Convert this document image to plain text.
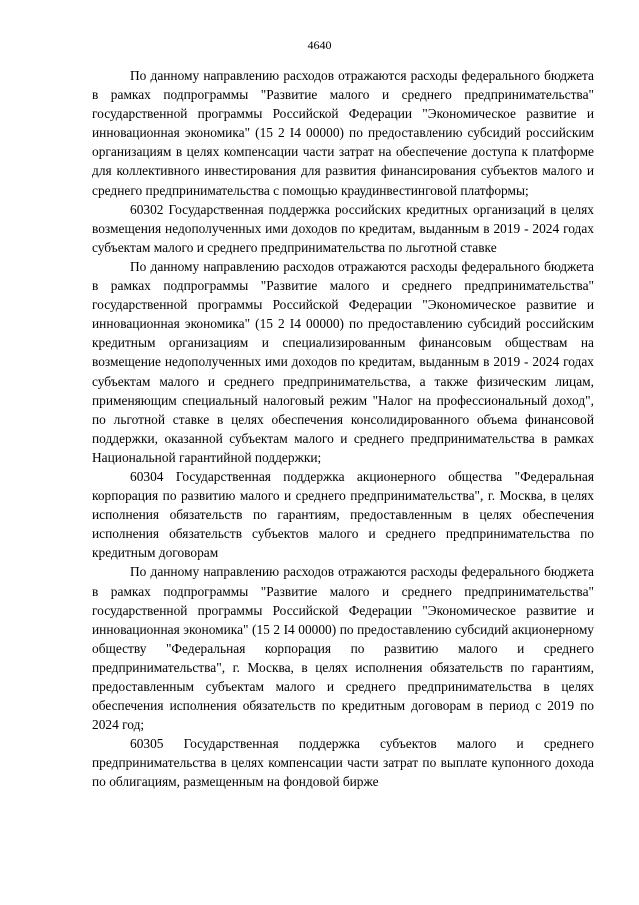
4640

По данному направлению расходов отражаются расходы федерального бюджета в рамках подпрограммы "Развитие малого и среднего предпринимательства" государственной программы Российской Федерации "Экономическое развитие и инновационная экономика" (15 2 I4 00000) по предоставлению субсидий российским организациям в целях компенсации части затрат на обеспечение доступа к платформе для коллективного инвестирования для развития финансирования субъектов малого и среднего предпринимательства с помощью краудинвестинговой платформы;

60302 Государственная поддержка российских кредитных организаций в целях возмещения недополученных ими доходов по кредитам, выданным в 2019 - 2024 годах субъектам малого и среднего предпринимательства по льготной ставке

По данному направлению расходов отражаются расходы федерального бюджета в рамках подпрограммы "Развитие малого и среднего предпринимательства" государственной программы Российской Федерации "Экономическое развитие и инновационная экономика" (15 2 I4 00000) по предоставлению субсидий российским кредитным организациям и специализированным финансовым обществам на возмещение недополученных ими доходов по кредитам, выданным в 2019 - 2024 годах субъектам малого и среднего предпринимательства, а также физическим лицам, применяющим специальный налоговый режим "Налог на профессиональный доход", по льготной ставке в целях обеспечения консолидированного объема финансовой поддержки, оказанной субъектам малого и среднего предпринимательства в рамках Национальной гарантийной поддержки;

60304 Государственная поддержка акционерного общества "Федеральная корпорация по развитию малого и среднего предпринимательства", г. Москва, в целях исполнения обязательств по гарантиям, предоставленным в целях обеспечения исполнения обязательств субъектов малого и среднего предпринимательства по кредитным договорам

По данному направлению расходов отражаются расходы федерального бюджета в рамках подпрограммы "Развитие малого и среднего предпринимательства" государственной программы Российской Федерации "Экономическое развитие и инновационная экономика" (15 2 I4 00000) по предоставлению субсидий акционерному обществу "Федеральная корпорация по развитию малого и среднего предпринимательства", г. Москва, в целях исполнения обязательств по гарантиям, предоставленным субъектам малого и среднего предпринимательства в целях обеспечения исполнения обязательств по кредитным договорам в период с 2019 по 2024 год;

60305 Государственная поддержка субъектов малого и среднего предпринимательства в целях компенсации части затрат по выплате купонного дохода по облигациям, размещенным на фондовой бирже
